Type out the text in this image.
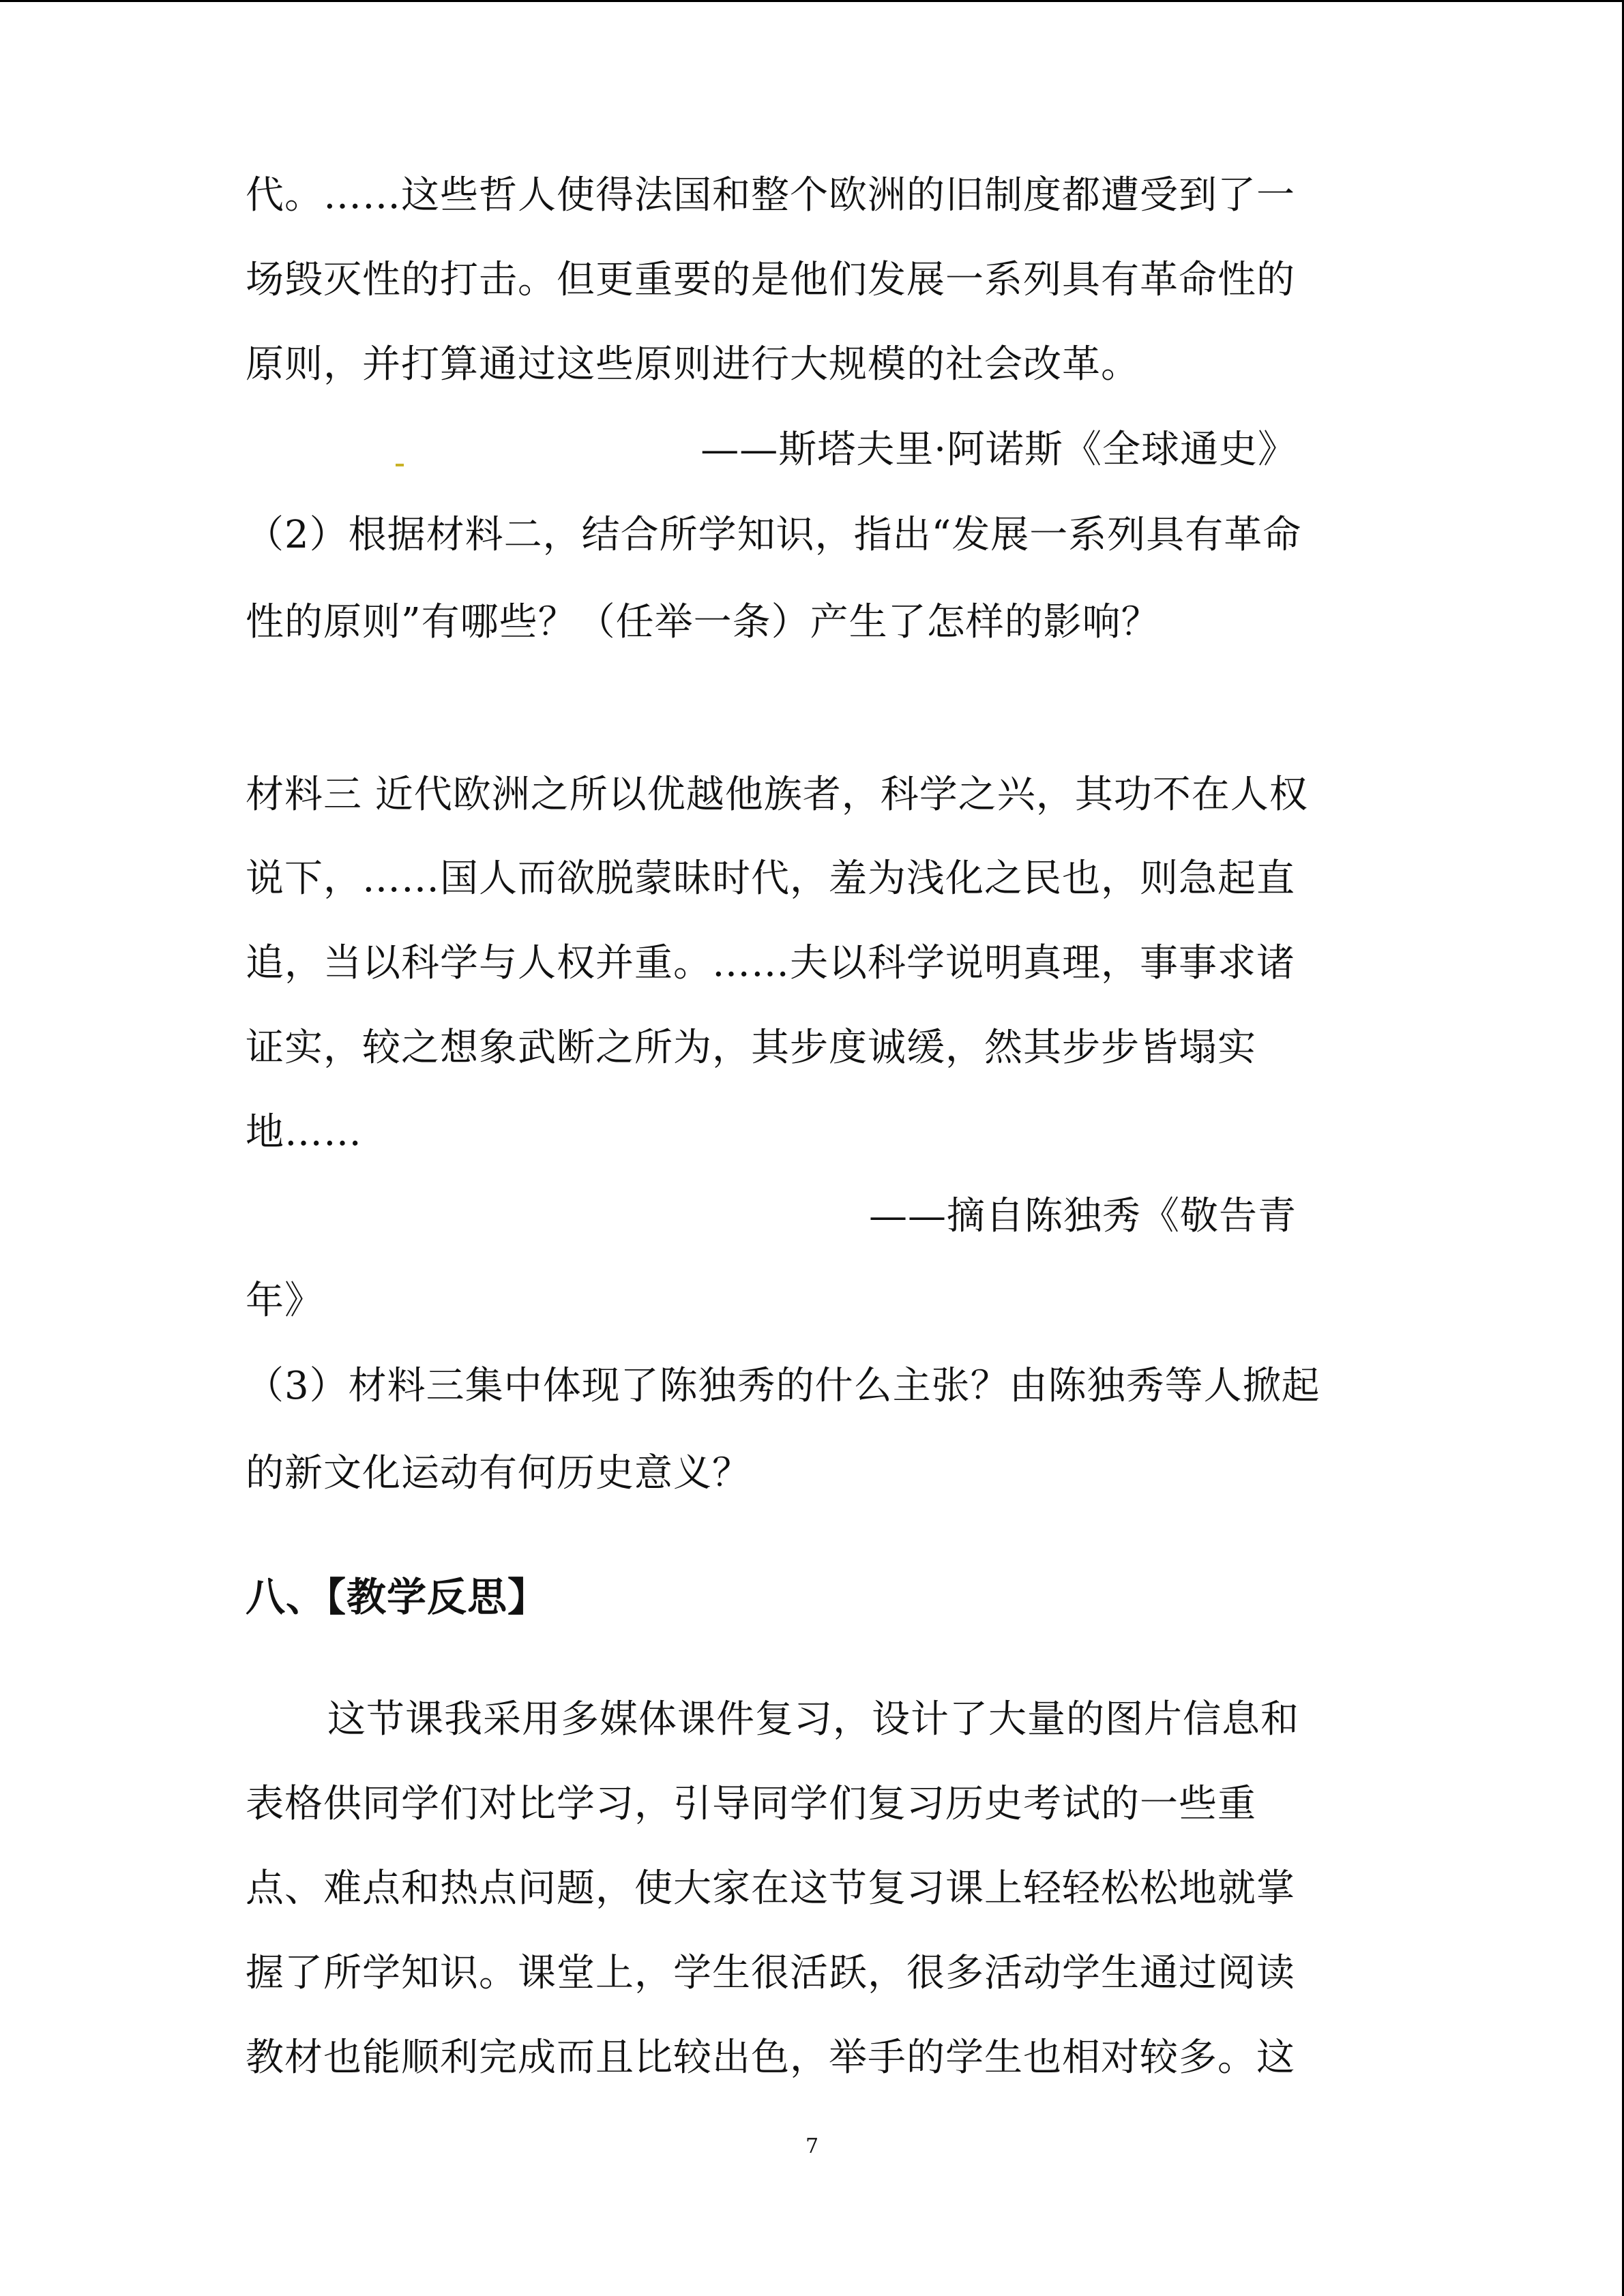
代。……这些哲人使得法国和整个欧洲的旧制度都遭受到了一
场毁灭性的打击。但更重要的是他们发展一系列具有革命性的
原则，并打算通过这些原则进行大规模的社会改革。
——斯塔夫里·阿诺斯《全球通史》
（2）根据材料二，结合所学知识，指出“发展一系列具有革命
性的原则”有哪些？（任举一条）产生了怎样的影响？
材料三 近代欧洲之所以优越他族者，科学之兴，其功不在人权
说下，……国人而欲脱蒙昧时代，羞为浅化之民也，则急起直
追，当以科学与人权并重。……夫以科学说明真理，事事求诸
证实，较之想象武断之所为，其步度诚缓，然其步步皆塌实
地……
——摘自陈独秀《敬告青
年》
（3）材料三集中体现了陈独秀的什么主张？由陈独秀等人掀起
的新文化运动有何历史意义？
八、【教学反思】
这节课我采用多媒体课件复习，设计了大量的图片信息和
表格供同学们对比学习，引导同学们复习历史考试的一些重
点、难点和热点问题，使大家在这节复习课上轻轻松松地就掌
握了所学知识。课堂上，学生很活跃，很多活动学生通过阅读
教材也能顺利完成而且比较出色，举手的学生也相对较多。这
7
